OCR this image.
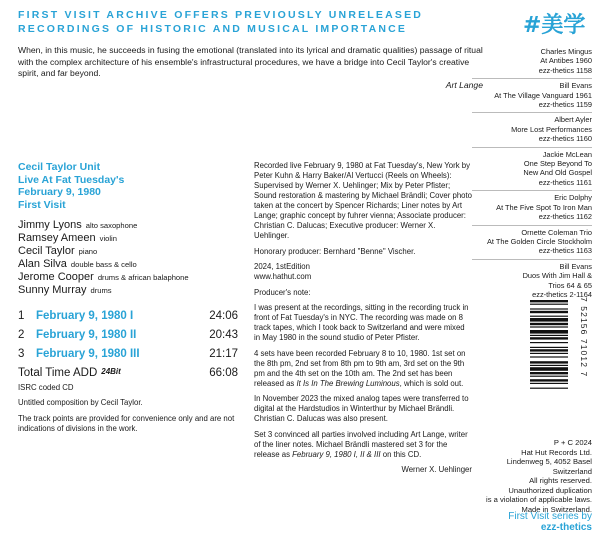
FIRST VISIT ARCHIVE OFFERS PREVIOUSLY UNRELEASED
RECORDINGS OF HISTORIC AND MUSICAL IMPORTANCE	#美学
When, in this music, he succeeds in fusing the emotional (translated into its lyrical and dramatic qualities) passage of ritual with the complex architecture of his ensemble's infrastructural procedures, we have a bridge into Cecil Taylor's creative spirit, and far beyond.
Art Lange
Charles Mingus
At Antibes 1960
ezz-thetics 1158
Bill Evans
At The Village Vanguard 1961
ezz-thetics 1159
Albert Ayler
More Lost Performances
ezz-thetics 1160
Jackie McLean
One Step Beyond To
New And Old Gospel
ezz-thetics 1161
Eric Dolphy
At The Five Spot To Iron Man
ezz-thetics 1162
Ornette Coleman Trio
At The Golden Circle Stockholm
ezz-thetics 1163
Bill Evans
Duos With Jim Hall &
Trios 64 & 65
ezz-thetics 2-1164
Cecil Taylor Unit
Live At Fat Tuesday's
February 9, 1980
First Visit
Jimmy Lyons alto saxophone
Ramsey Ameen violin
Cecil Taylor piano
Alan Silva double bass & cello
Jerome Cooper drums & african balaphone
Sunny Murray drums
1	February 9, 1980 I	24:06
2	February 9, 1980 II	20:43
3	February 9, 1980 III	21:17
Total Time ADD 24Bit	66:08
ISRC coded CD
Untitled composition by Cecil Taylor.
The track points are provided for convenience only and are not indications of divisions in the work.

Recorded live February 9, 1980 at Fat Tuesday's, New York by Peter Kuhn & Harry Baker/Al Vertucci (Reels on Wheels): Supervised by Werner X. Uehlinger; Mix by Peter Pfister; Sound restoration & mastering by Michael Brändli; Cover photo taken at the concert by Spencer Richards; Liner notes by Art Lange; graphic concept by fuhrer vienna; Associate producer: Christian C. Dalucas; Executive producer: Werner X. Uehlinger.

Honorary producer: Bernhard "Benne" Vischer.

2024, 1stEdition
www.hathut.com

Producer's note:

I was present at the recordings, sitting in the recording truck in front of Fat Tuesday's in NYC. The recording was made on 8 track tapes, which I took back to Switzerland and were mixed in May 1980 in the sound studio of Peter Pfister.

4 sets have been recorded February 8 to 10, 1980. 1st set on the 8th pm, 2nd set from 8th pm to 9th am, 3rd set on the 9th pm and the 4th set on the 10th am. The 2nd set has been released as It Is In The Brewing Luminous, which is sold out.

In November 2023 the mixed analog tapes were transferred to digital at the Hardstudios in Winterthur by Michael Brändli. Christian C. Dalucas was also present.

Set 3 convinced all parties involved including Art Lange, writer of the liner notes. Michael Brändli mastered set 3 for the release as February 9, 1980 I, II & III on this CD.

Werner X. Uehlinger

7 52156 71012 7
P + C 2024
Hat Hut Records Ltd.
Lindenweg 5, 4052 Basel
Switzerland
All rights reserved.
Unauthorized duplication
is a violation of applicable laws.
Made in Switzerland.
First Visit series by
ezz-thetics
